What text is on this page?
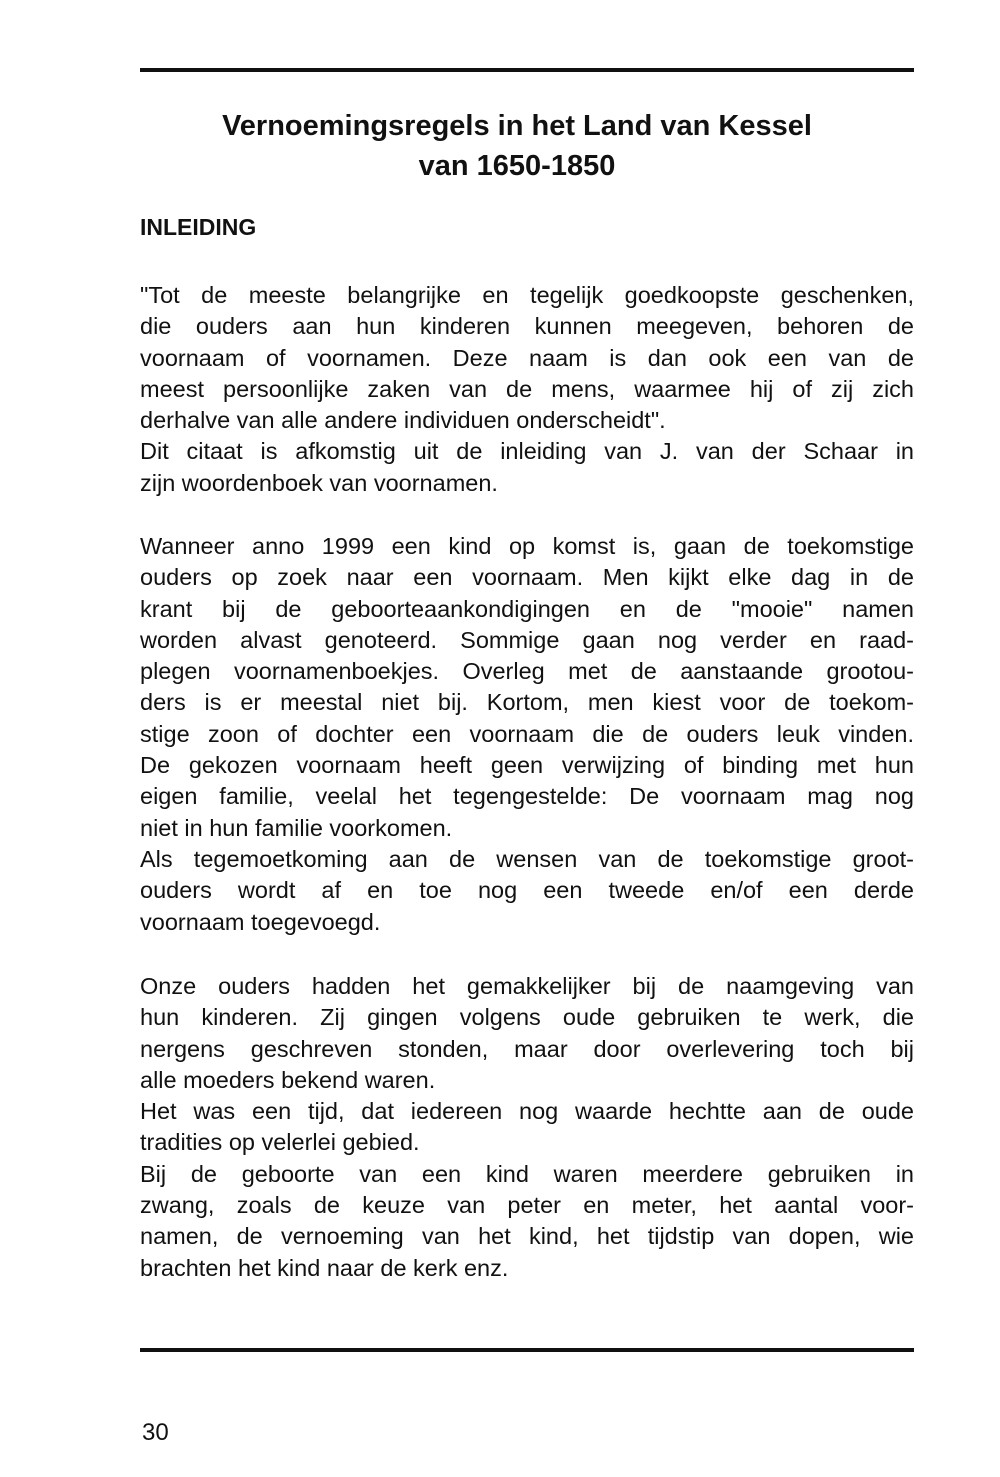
Vernoemingsregels in het Land van Kessel
van 1650-1850
INLEIDING
"Tot de meeste belangrijke en tegelijk goedkoopste geschenken,
die ouders aan hun kinderen kunnen meegeven, behoren de
voornaam of voornamen. Deze naam is dan ook een van de
meest persoonlijke zaken van de mens, waarmee hij of zij zich
derhalve van alle andere individuen onderscheidt".
Dit citaat is afkomstig uit de inleiding van J. van der Schaar in
zijn woordenboek van voornamen.
Wanneer anno 1999 een kind op komst is, gaan de toekomstige
ouders op zoek naar een voornaam. Men kijkt elke dag in de
krant bij de geboorteaankondigingen en de "mooie" namen
worden alvast genoteerd. Sommige gaan nog verder en raad-
plegen voornamenboekjes. Overleg met de aanstaande grootou-
ders is er meestal niet bij. Kortom, men kiest voor de toekom-
stige zoon of dochter een voornaam die de ouders leuk vinden.
De gekozen voornaam heeft geen verwijzing of binding met hun
eigen familie, veelal het tegengestelde: De voornaam mag nog
niet in hun familie voorkomen.
Als tegemoetkoming aan de wensen van de toekomstige groot-
ouders wordt af en toe nog een tweede en/of een derde
voornaam toegevoegd.
Onze ouders hadden het gemakkelijker bij de naamgeving van
hun kinderen. Zij gingen volgens oude gebruiken te werk, die
nergens geschreven stonden, maar door overlevering toch bij
alle moeders bekend waren.
Het was een tijd, dat iedereen nog waarde hechtte aan de oude
tradities op velerlei gebied.
Bij de geboorte van een kind waren meerdere gebruiken in
zwang, zoals de keuze van peter en meter, het aantal voor-
namen, de vernoeming van het kind, het tijdstip van dopen, wie
brachten het kind naar de kerk enz.
30
